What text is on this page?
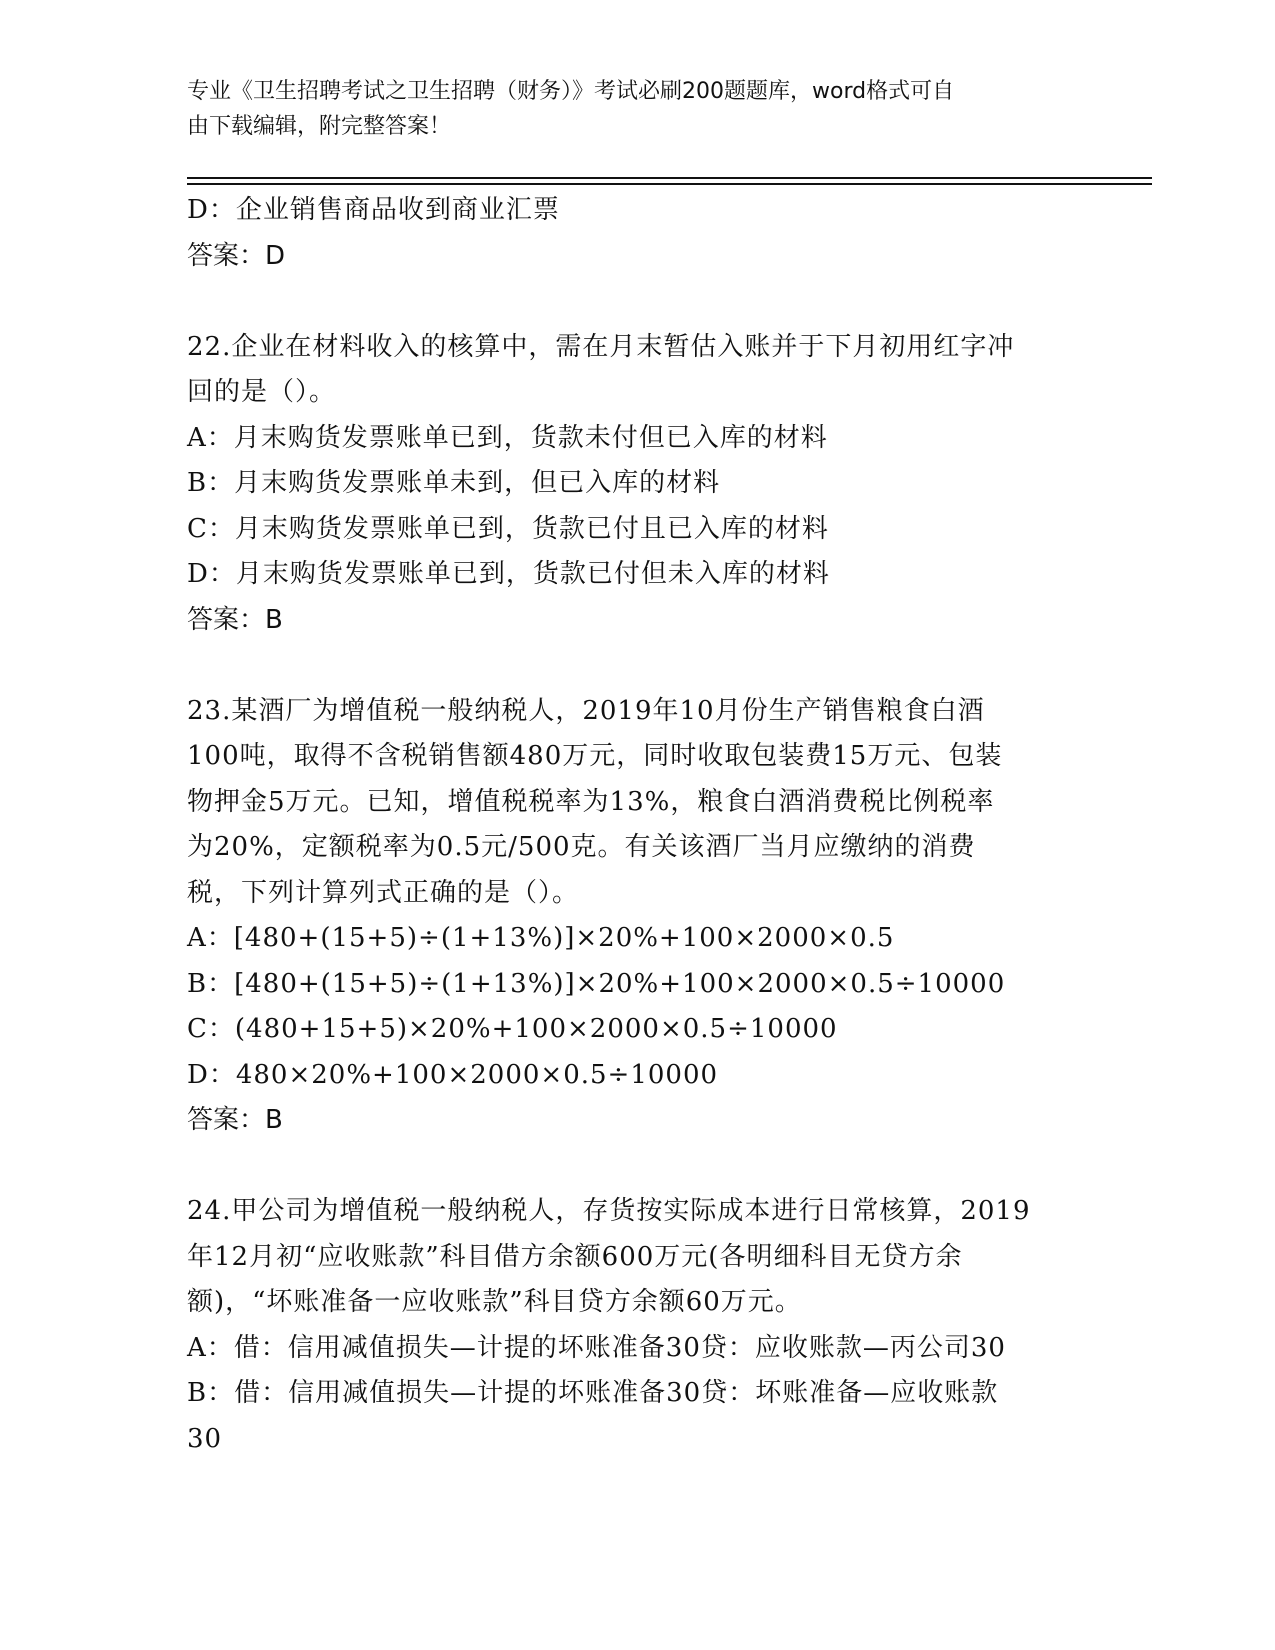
专业《卫生招聘考试之卫生招聘（财务）》考试必刷200题题库，word格式可自
由下载编辑，附完整答案！
D：企业销售商品收到商业汇票
答案：D
22.企业在材料收入的核算中，需在月末暂估入账并于下月初用红字冲
回的是（）。
A：月末购货发票账单已到，货款未付但已入库的材料
B：月末购货发票账单未到，但已入库的材料
C：月末购货发票账单已到，货款已付且已入库的材料
D：月末购货发票账单已到，货款已付但未入库的材料
答案：B
23.某酒厂为增值税一般纳税人，2019年10月份生产销售粮食白酒
100吨，取得不含税销售额480万元，同时收取包装费15万元、包装
物押金5万元。已知，增值税税率为13%，粮食白酒消费税比例税率
为20%，定额税率为0.5元/500克。有关该酒厂当月应缴纳的消费
税，下列计算列式正确的是（）。
A：[480+(15+5)÷(1+13%)]×20%+100×2000×0.5
B：[480+(15+5)÷(1+13%)]×20%+100×2000×0.5÷10000
C：(480+15+5)×20%+100×2000×0.5÷10000
D：480×20%+100×2000×0.5÷10000
答案：B
24.甲公司为增值税一般纳税人，存货按实际成本进行日常核算，2019
年12月初“应收账款”科目借方余额600万元(各明细科目无贷方余
额)，“坏账准备一应收账款”科目贷方余额60万元。
A：借：信用减值损失—计提的坏账准备30贷：应收账款—丙公司30
B：借：信用减值损失—计提的坏账准备30贷：坏账准备—应收账款
30
